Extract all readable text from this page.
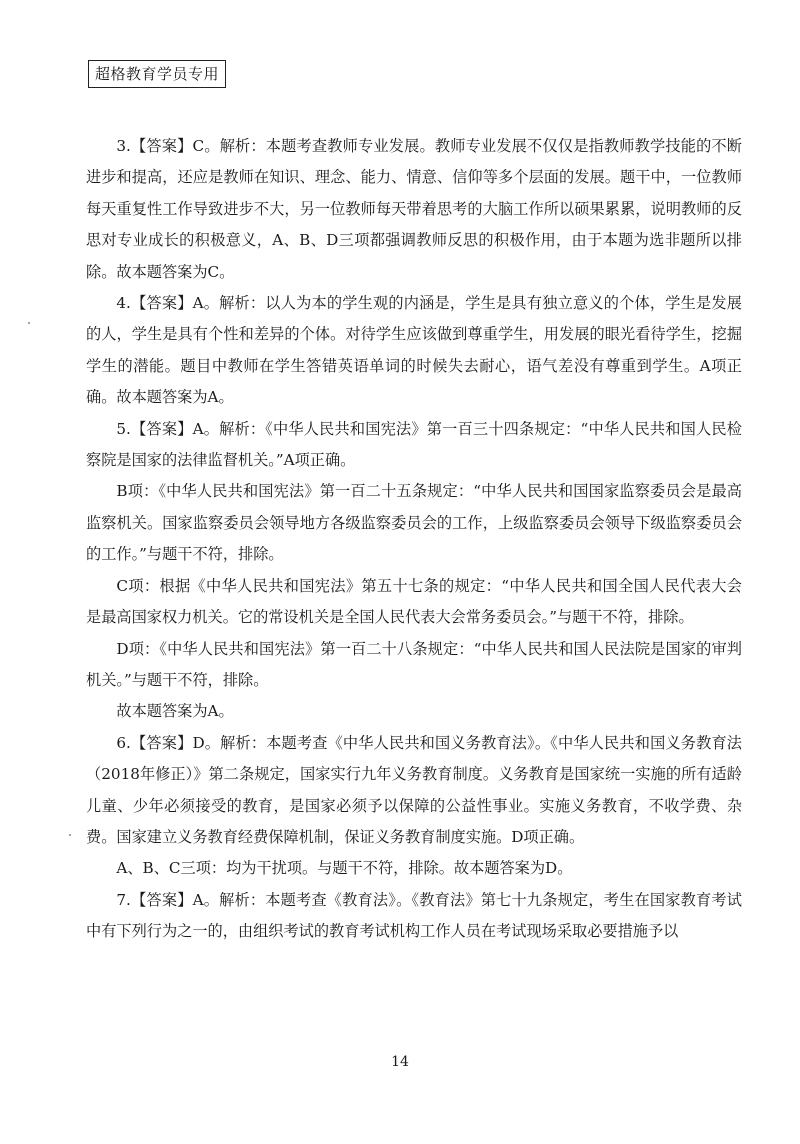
超格教育学员专用

3.【答案】C。解析：本题考查教师专业发展。教师专业发展不仅仅是指教师教学技能的不断进步和提高，还应是教师在知识、理念、能力、情意、信仰等多个层面的发展。题干中，一位教师每天重复性工作导致进步不大，另一位教师每天带着思考的大脑工作所以硕果累累，说明教师的反思对专业成长的积极意义，A、B、D三项都强调教师反思的积极作用，由于本题为选非题所以排除。故本题答案为C。

4.【答案】A。解析：以人为本的学生观的内涵是，学生是具有独立意义的个体，学生是发展的人，学生是具有个性和差异的个体。对待学生应该做到尊重学生，用发展的眼光看待学生，挖掘学生的潜能。题目中教师在学生答错英语单词的时候失去耐心，语气差没有尊重到学生。A项正确。故本题答案为A。

5.【答案】A。解析：《中华人民共和国宪法》第一百三十四条规定：“中华人民共和国人民检察院是国家的法律监督机关。”A项正确。

B项：《中华人民共和国宪法》第一百二十五条规定：“中华人民共和国国家监察委员会是最高监察机关。国家监察委员会领导地方各级监察委员会的工作，上级监察委员会领导下级监察委员会的工作。”与题干不符，排除。

C项：根据《中华人民共和国宪法》第五十七条的规定：“中华人民共和国全国人民代表大会是最高国家权力机关。它的常设机关是全国人民代表大会常务委员会。”与题干不符，排除。

D项：《中华人民共和国宪法》第一百二十八条规定：“中华人民共和国人民法院是国家的审判机关。”与题干不符，排除。

故本题答案为A。

6.【答案】D。解析：本题考查《中华人民共和国义务教育法》。《中华人民共和国义务教育法（2018年修正）》第二条规定，国家实行九年义务教育制度。义务教育是国家统一实施的所有适龄儿童、少年必须接受的教育，是国家必须予以保障的公益性事业。实施义务教育，不收学费、杂费。国家建立义务教育经费保障机制，保证义务教育制度实施。D项正确。

A、B、C三项：均为干扰项。与题干不符，排除。故本题答案为D。

7.【答案】A。解析：本题考查《教育法》。《教育法》第七十九条规定，考生在国家教育考试中有下列行为之一的，由组织考试的教育考试机构工作人员在考试现场采取必要措施予以

14
